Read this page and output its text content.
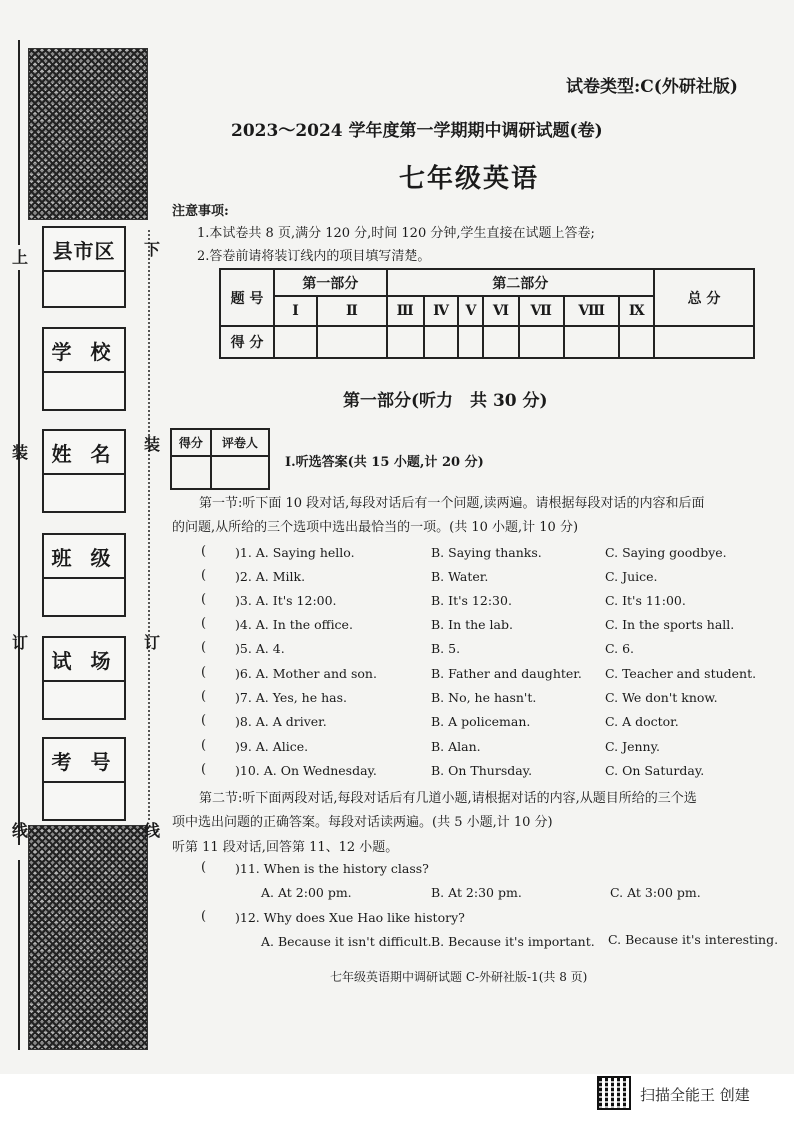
上	下
装	装
订	订
线	线
县市区
学 校
姓 名
班 级
试 场
考 号
试卷类型:C(外研社版)
2023～2024 学年度第一学期期中调研试题(卷)
七年级英语
注意事项:
1.本试卷共 8 页,满分 120 分,时间 120 分钟,学生直接在试题上答卷;
2.答卷前请将装订线内的项目填写清楚。
题 号	第一部分		第二部分							总 分
	Ⅰ	Ⅱ	Ⅲ	Ⅳ	Ⅴ	Ⅵ	Ⅶ	Ⅷ	Ⅸ	
得 分										
第一部分(听力　共 30 分)
得分	评卷人

Ⅰ.听选答案(共 15 小题,计 20 分)
第一节:听下面 10 段对话,每段对话后有一个问题,读两遍。请根据每段对话的内容和后面
的问题,从所给的三个选项中选出最恰当的一项。(共 10 小题,计 10 分)
( )1. A. Saying hello.	B. Saying thanks.	C. Saying goodbye.
( )2. A. Milk.	B. Water.	C. Juice.
( )3. A. It's 12:00.	B. It's 12:30.	C. It's 11:00.
( )4. A. In the office.	B. In the lab.	C. In the sports hall.
( )5. A. 4.	B. 5.	C. 6.
( )6. A. Mother and son.	B. Father and daughter. C. Teacher and student.
( )7. A. Yes, he has.	B. No, he hasn't.	C. We don't know.
( )8. A. A driver.	B. A policeman.	C. A doctor.
( )9. A. Alice.	B. Alan.	C. Jenny.
( )10. A. On Wednesday.	B. On Thursday.	C. On Saturday.
第二节:听下面两段对话,每段对话后有几道小题,请根据对话的内容,从题目所给的三个选
项中选出问题的正确答案。每段对话读两遍。(共 5 小题,计 10 分)
听第 11 段对话,回答第 11、12 小题。
( )11. When is the history class?
A. At 2:00 pm.	B. At 2:30 pm.	C. At 3:00 pm.
( )12. Why does Xue Hao like history?
A. Because it isn't difficult. B. Because it's important. C. Because it's interesting.
七年级英语期中调研试题 C-外研社版-1(共 8 页)
扫描全能王 创建
